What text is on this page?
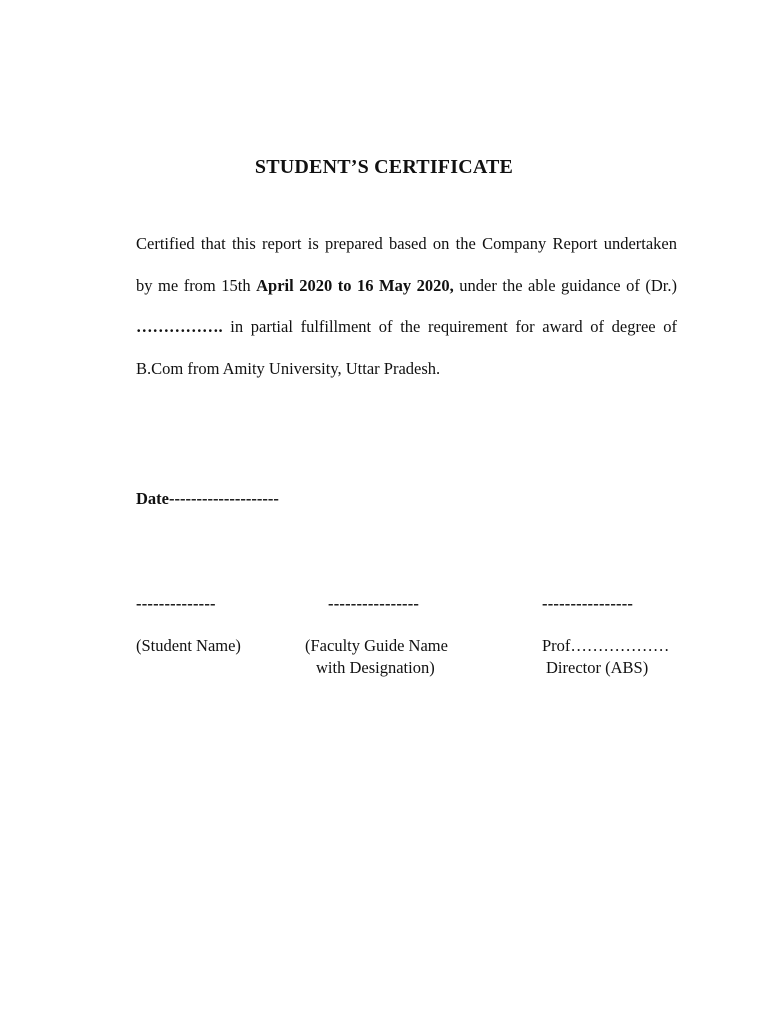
STUDENT’S CERTIFICATE
Certified that this report is prepared based on the Company Report undertaken
by me from 15th April 2020 to 16 May 2020, under the able guidance of (Dr.)
……………. in partial fulfillment of the requirement for award of degree of
B.Com from Amity University, Uttar Pradesh.
Date--------------------
--------------
(Student Name)
----------------
(Faculty Guide Name
with Designation)
----------------
Prof………………
Director (ABS)
